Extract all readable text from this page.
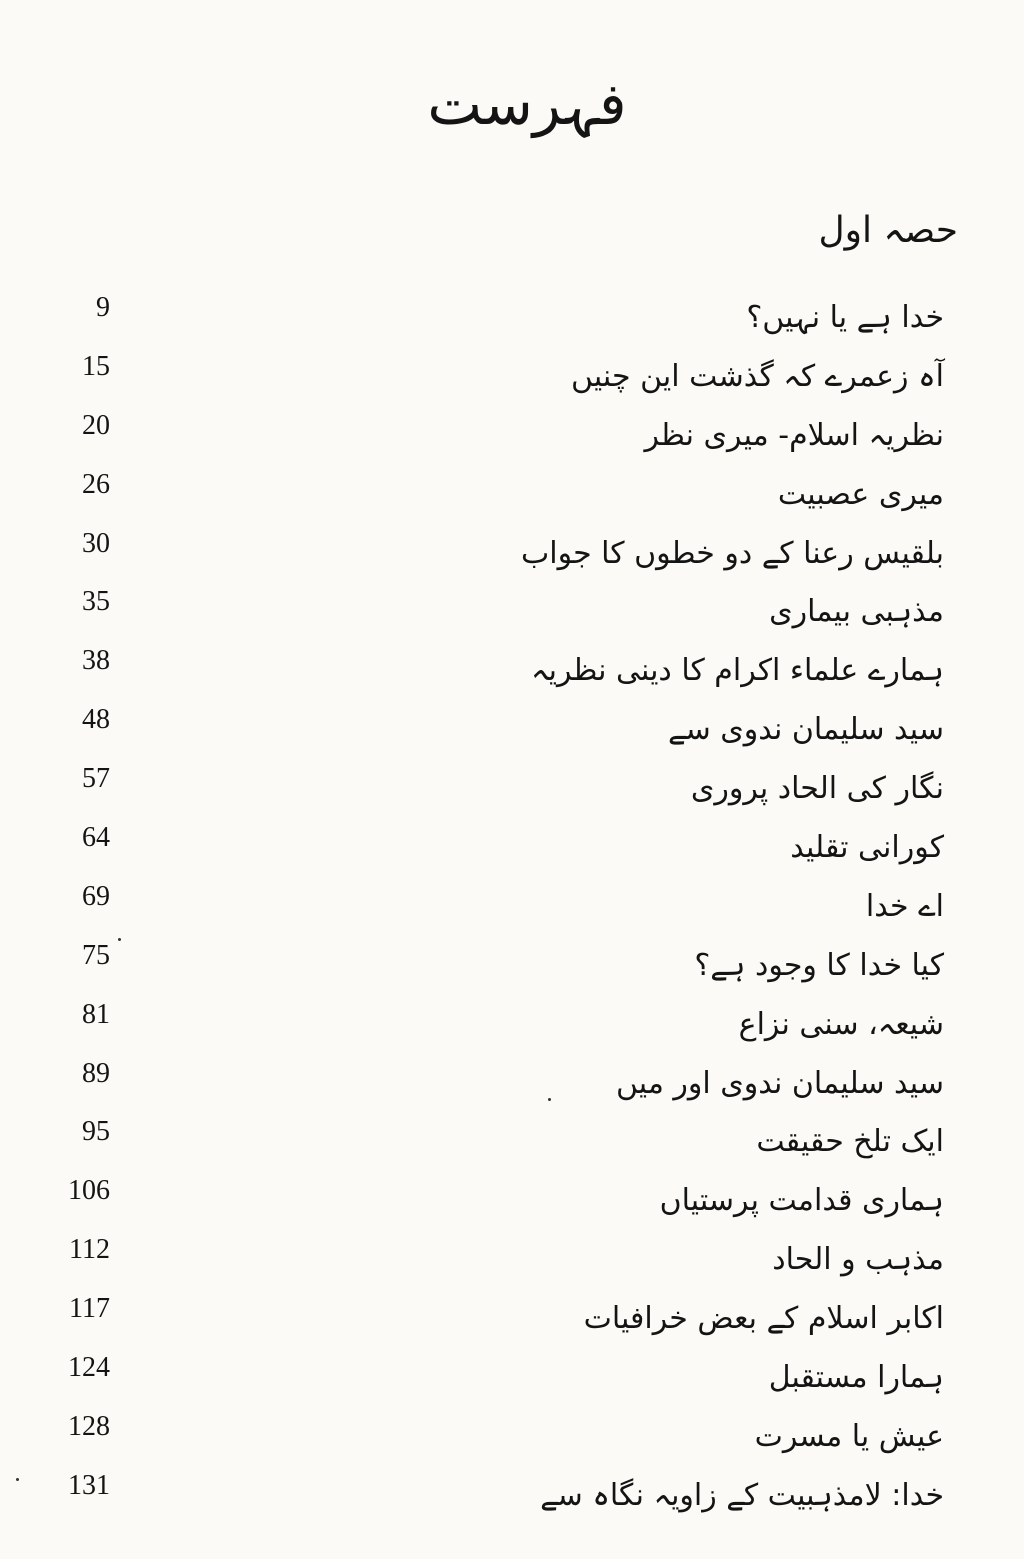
فہرست
حصہ اول
خدا ہے یا نہیں؟
9
آہ زعمرے کہ گذشت این چنیں
15
نظریہ اسلام- میری نظر
20
میری عصبیت
26
بلقیس رعنا کے دو خطوں کا جواب
30
مذہبی بیماری
35
ہمارے علماء اکرام کا دینی نظریہ
38
سید سلیمان ندوی سے
48
نگار کی الحاد پروری
57
کورانی تقلید
64
اے خدا
69
کیا خدا کا وجود ہے؟
75
شیعہ، سنی نزاع
81
سید سلیمان ندوی اور میں
89
ایک تلخ حقیقت
95
ہماری قدامت پرستیاں
106
مذہب و الحاد
112
اکابر اسلام کے بعض خرافیات
117
ہمارا مستقبل
124
عیش یا مسرت
128
خدا: لامذہبیت کے زاویہ نگاہ سے
131
